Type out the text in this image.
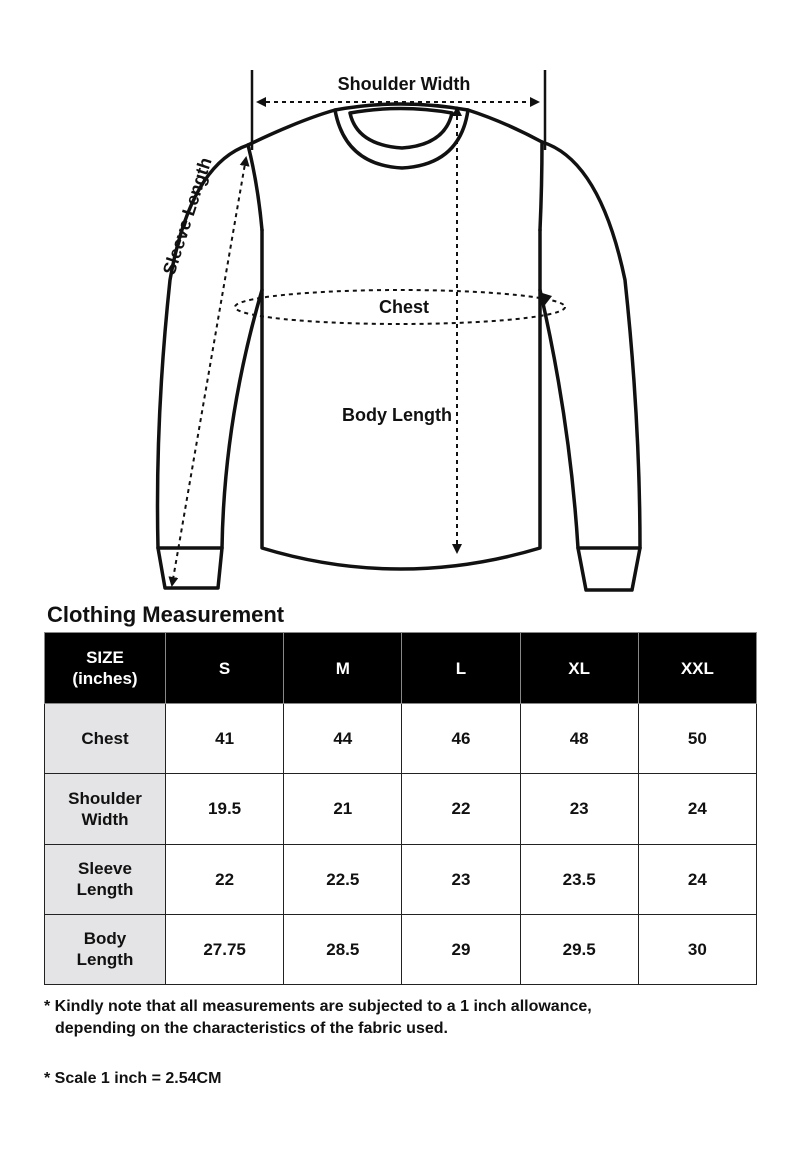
Shoulder Width
Sleeve Length
Chest
Body Length
Clothing Measurement
SIZE
(inches)	S	M	L	XL	XXL
Chest	41	44	46	48	50
Shoulder
Width	19.5	21	22	23	24
Sleeve
Length	22	22.5	23	23.5	24
Body
Length	27.75	28.5	29	29.5	30

* Kindly note that all measurements are subjected to a 1 inch allowance,
depending on the characteristics of the fabric used.

* Scale 1 inch = 2.54CM
